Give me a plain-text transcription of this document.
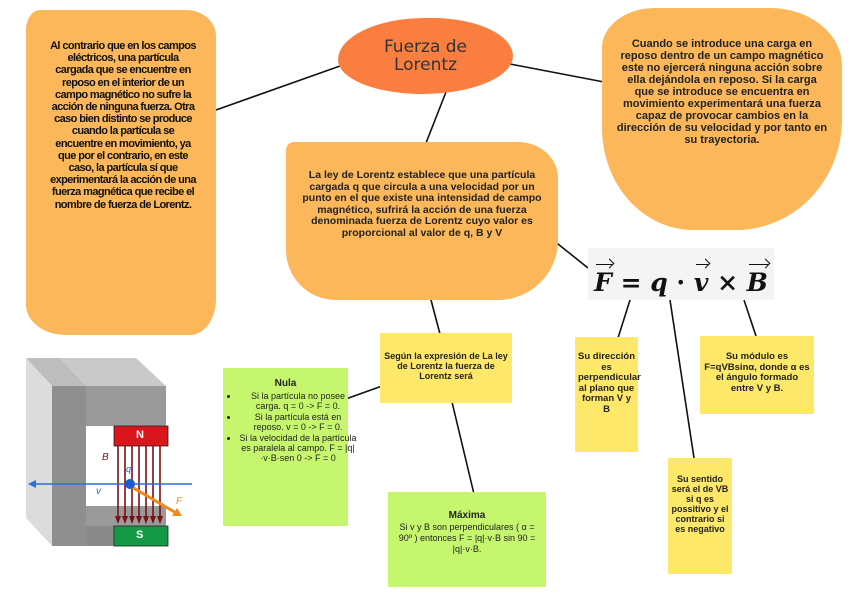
Fuerza de Lorentz
Al contrario que en los campos eléctricos, una partícula cargada que se encuentre en reposo en el interior de un campo magnético no sufre la acción de ninguna fuerza. Otra caso bien distinto se produce cuando la partícula se encuentre en movimiento, ya que por el contrario, en este caso, la partícula sí que experimentará la acción de una fuerza magnética que recibe el nombre de fuerza de Lorentz.
Cuando se introduce una carga en reposo dentro de un campo magnético este no ejercerá ninguna acción sobre ella dejándola en reposo. Si la carga que se introduce se encuentra en movimiento experimentará una fuerza capaz de provocar cambios en la dirección de su velocidad y por tanto en su trayectoria.
La ley de Lorentz establece que una partícula cargada q que circula a una velocidad por un punto en el que existe una intensidad de campo magnético, sufrirá la acción de una fuerza denominada fuerza de Lorentz cuyo valor es proporcional al valor de q, B y V
F = q · v × B
Según la expresión de La ley de Lorentz la fuerza de Lorentz será
Su dirección es perpendicular al plano que forman V y B
Su módulo es F=qVBsinα, donde α es el ángulo formado entre V y B.
Su sentido será el de VB si q es possitivo y el contrario si es negativo
Nula
• Si la partícula no posee carga. q = 0 -> F = 0.
• Si la partícula está en reposo. v = 0 -> F = 0.
• Si la velocidad de la partícula es paralela al campo. F = |q|·v·B·sen 0 -> F = 0
Máxima
Si v y B son perpendiculares ( α = 90º ) entonces F = |q|·v·B sin 90 = |q|·v·B.
N
S
B
v
F
q
